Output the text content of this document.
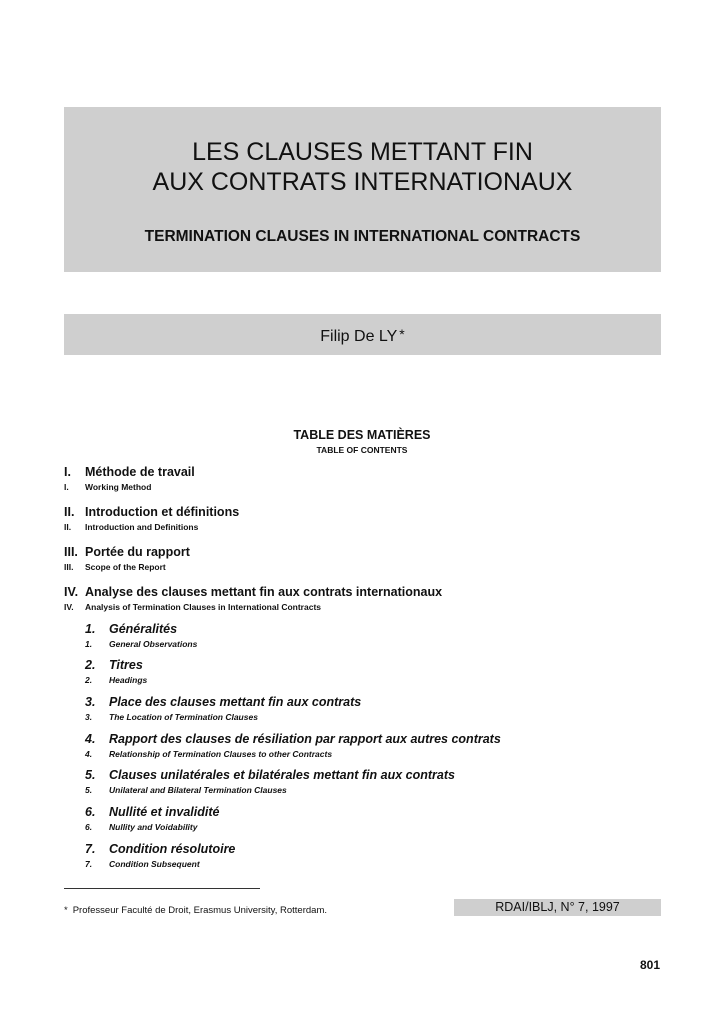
LES CLAUSES METTANT FIN
AUX CONTRATS INTERNATIONAUX
TERMINATION CLAUSES IN INTERNATIONAL CONTRACTS
Filip De LY *
TABLE DES MATIÈRES
TABLE OF CONTENTS
I. Méthode de travail
I. Working Method
II. Introduction et définitions
II. Introduction and Definitions
III. Portée du rapport
III. Scope of the Report
IV. Analyse des clauses mettant fin aux contrats internationaux
IV. Analysis of Termination Clauses in International Contracts
1. Généralités
1. General Observations
2. Titres
2. Headings
3. Place des clauses mettant fin aux contrats
3. The Location of Termination Clauses
4. Rapport des clauses de résiliation par rapport aux autres contrats
4. Relationship of Termination Clauses to other Contracts
5. Clauses unilatérales et bilatérales mettant fin aux contrats
5. Unilateral and Bilateral Termination Clauses
6. Nullité et invalidité
6. Nullity and Voidability
7. Condition résolutoire
7. Condition Subsequent
* Professeur Faculté de Droit, Erasmus University, Rotterdam.	RDAI/IBLJ, N° 7, 1997
801
